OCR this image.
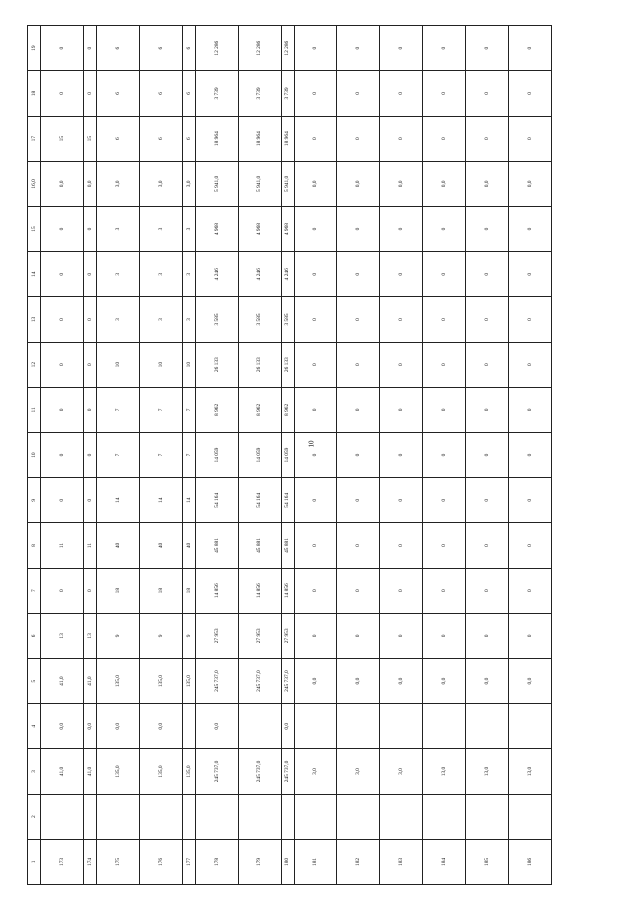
10
1	2	3	4	5	6	7	8	9	10	11	12	13	14	15	16,0	17	18	19
173		41,0	0,0	41,0	13	0	11	0	0	0	0	0	0	0	0,0	15	0	0
174		41,0	0,0	41,0	13	0	11	0	0	0	0	0	0	0	0,0	15	0	0
175		135,0	0,0	135,0	9	18	40	14	7	7	10	3	3	3	3,0	6	6	6
176		135,0	0,0	135,0	9	18	40	14	7	7	10	3	3	3	3,0	6	6	6
177		135,0		135,0	9	18	40	14	7	7	10	3	3	3	3,0	6	6	6
178		245 737,0	0,0	245 737,0	27 953	14 856	45 881	54 164	14 059	8 962	26 133	3 585	4 246	4 968	5 941,0	18 964	3 739	12 286
179		245 737,0		245 737,0	27 953	14 856	45 881	54 164	14 059	8 962	26 133	3 585	4 246	4 968	5 941,0	18 964	3 739	12 286
180		245 737,0	0,0	245 737,0	27 953	14 856	45 881	54 164	14 059	8 962	26 133	3 585	4 246	4 968	5 941,0	18 964	3 739	12 286
181		3,0		0,0	0	0	0	0	0	0	0	0	0	0	0,0	0	0	0
182		3,0		0,0	0	0	0	0	0	0	0	0	0	0	0,0	0	0	0
183		3,0		0,0	0	0	0	0	0	0	0	0	0	0	0,0	0	0	0
184		13,0		0,0	0	0	0	0	0	0	0	0	0	0	0,0	0	0	0
185		13,0		0,0	0	0	0	0	0	0	0	0	0	0	0,0	0	0	0
186		13,0		0,0	0	0	0	0	0	0	0	0	0	0	0,0	0	0	0
